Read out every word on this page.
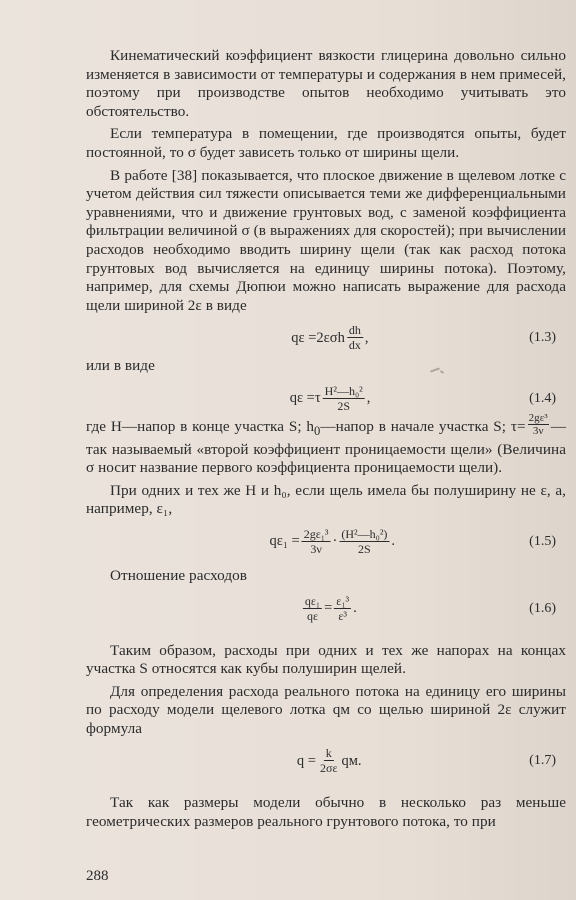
Кинематический коэффициент вязкости глицерина довольно сильно изменяется в зависимости от температуры и содержания в нем примесей, поэтому при производстве опытов необходимо учитывать это обстоятельство.

Если температура в помещении, где производятся опыты, будет постоянной, то σ будет зависеть только от ширины щели.

В работе [38] показывается, что плоское движение в щелевом лотке с учетом действия сил тяжести описывается теми же дифференциальными уравнениями, что и движение грунтовых вод, с заменой коэффициента фильтрации величиной σ (в выражениях для скоростей); при вычислении расходов необходимо вводить ширину щели (так как расход потока грунтовых вод вычисляется на единицу ширины потока). Поэтому, например, для схемы Дюпюи можно написать выражение для расхода щели шириной 2ε в виде

$q\varepsilon =2\varepsilon\sigma h \frac{dh}{dx}$ ,	(1.3)

или в виде

$q\varepsilon =\tau \frac{\text{H²—h₀²}}{2S}$ ,	(1.4)

где H—напор в конце участка S; $h_0—напор$ в начале участка S; $\tau= \frac{\text{2gε³}}{3\nu}$ — так называемый «второй коэффициент проницаемости щели» (Величина σ носит название первого коэффициента проницаемости щели).

При одних и тех же H и h₀, если щель имела бы полуширину не ε, а, например, ε₁,

$q\varepsilon_1 = \frac{\text{2gε₁³}}{3\nu} \cdot \frac{\text{(H²—h₀²)}}{2S}$ .	(1.5)

Отношение расходов

$\frac{\text{qε₁}}{q\varepsilon} = \frac{\text{ε₁³}}{\text{ε³}}$ .	(1.6)

Таким образом, расходы при одних и тех же напорах на концах участка S относятся как кубы полуширин щелей.

Для определения расхода реального потока на единицу его ширины по расходу модели щелевого лотка qм со щелью шириной 2ε служит формула

$q = \frac{k}{2\sigma\varepsilon}$ qм.	(1.7)

Так как размеры модели обычно в несколько раз меньше геометрических размеров реального грунтового потока, то при

288
